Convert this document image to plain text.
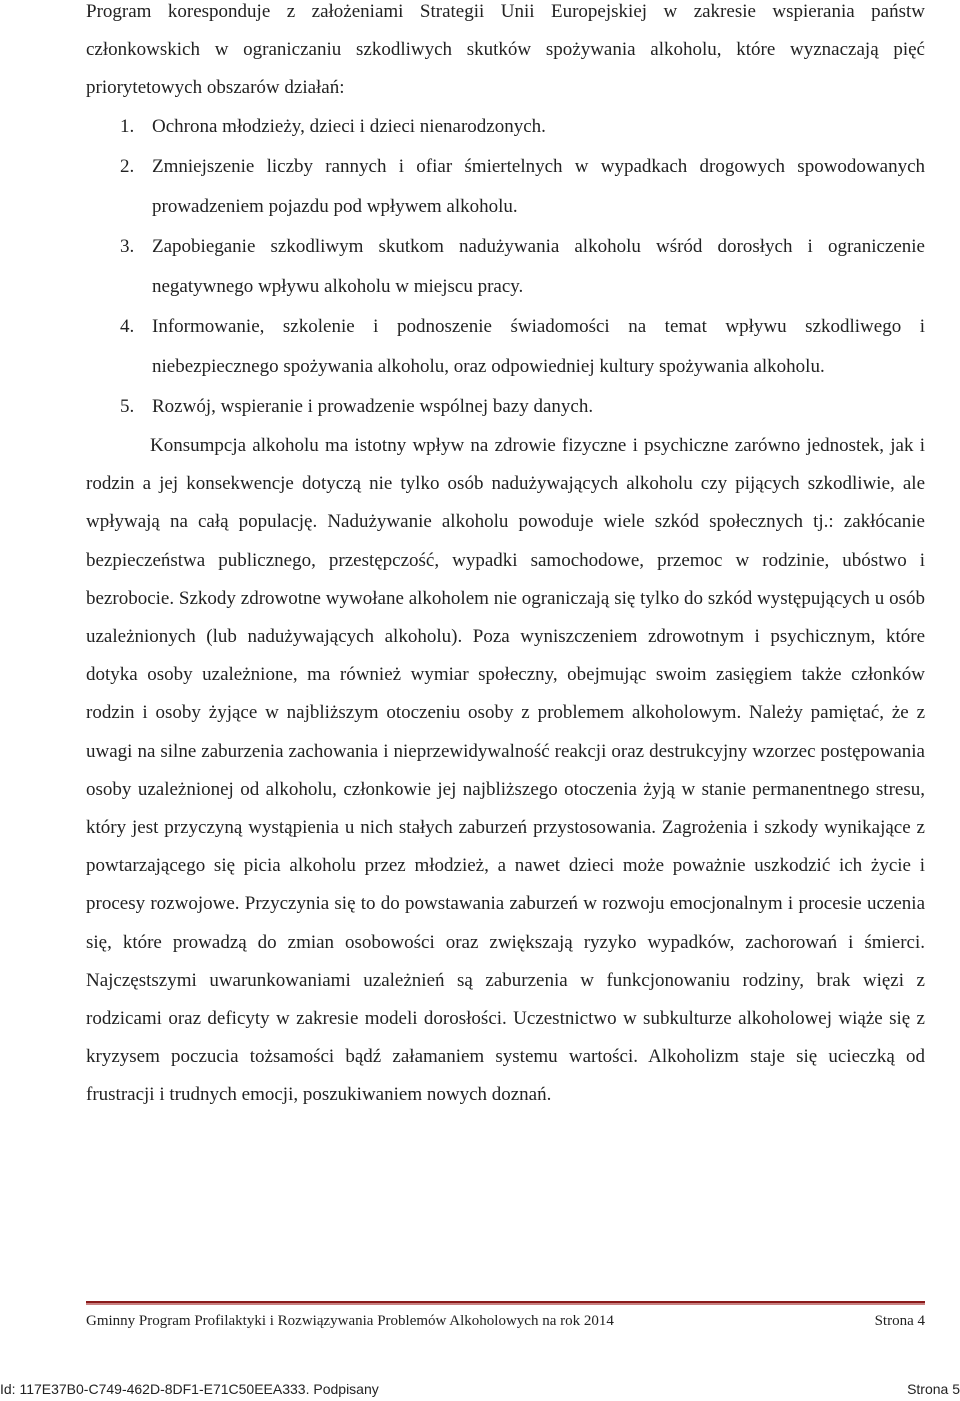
Program koresponduje z założeniami Strategii Unii Europejskiej w zakresie wspierania państw członkowskich w ograniczaniu szkodliwych skutków spożywania alkoholu, które wyznaczają pięć priorytetowych obszarów działań:

1. Ochrona młodzieży, dzieci i dzieci nienarodzonych.
2. Zmniejszenie liczby rannych i ofiar śmiertelnych w wypadkach drogowych spowodowanych prowadzeniem pojazdu pod wpływem alkoholu.
3. Zapobieganie szkodliwym skutkom nadużywania alkoholu wśród dorosłych i ograniczenie negatywnego wpływu alkoholu w miejscu pracy.
4. Informowanie, szkolenie i podnoszenie świadomości na temat wpływu szkodliwego i niebezpiecznego spożywania alkoholu, oraz odpowiedniej kultury spożywania alkoholu.
5. Rozwój, wspieranie i prowadzenie wspólnej bazy danych.

Konsumpcja alkoholu ma istotny wpływ na zdrowie fizyczne i psychiczne zarówno jednostek, jak i rodzin a jej konsekwencje dotyczą nie tylko osób nadużywających alkoholu czy pijących szkodliwie, ale wpływają na całą populację. Nadużywanie alkoholu powoduje wiele szkód społecznych tj.: zakłócanie bezpieczeństwa publicznego, przestępczość, wypadki samochodowe, przemoc w rodzinie, ubóstwo i bezrobocie. Szkody zdrowotne wywołane alkoholem nie ograniczają się tylko do szkód występujących u osób uzależnionych (lub nadużywających alkoholu). Poza wyniszczeniem zdrowotnym i psychicznym, które dotyka osoby uzależnione, ma również wymiar społeczny, obejmując swoim zasięgiem także członków rodzin i osoby żyjące w najbliższym otoczeniu osoby z problemem alkoholowym. Należy pamiętać, że z uwagi na silne zaburzenia zachowania i nieprzewidywalność reakcji oraz destrukcyjny wzorzec postępowania osoby uzależnionej od alkoholu, członkowie jej najbliższego otoczenia żyją w stanie permanentnego stresu, który jest przyczyną wystąpienia u nich stałych zaburzeń przystosowania. Zagrożenia i szkody wynikające z powtarzającego się picia alkoholu przez młodzież, a nawet dzieci może poważnie uszkodzić ich życie i procesy rozwojowe. Przyczynia się to do powstawania zaburzeń w rozwoju emocjonalnym i procesie uczenia się, które prowadzą do zmian osobowości oraz zwiększają ryzyko wypadków, zachorowań i śmierci. Najczęstszymi uwarunkowaniami uzależnień są zaburzenia w funkcjonowaniu rodziny, brak więzi z rodzicami oraz deficyty w zakresie modeli dorosłości. Uczestnictwo w subkulturze alkoholowej wiąże się z kryzysem poczucia tożsamości bądź załamaniem systemu wartości. Alkoholizm staje się ucieczką od frustracji i trudnych emocji, poszukiwaniem nowych doznań.

Gminny Program Profilaktyki i Rozwiązywania Problemów Alkoholowych na rok 2014	Strona 4
Id: 117E37B0-C749-462D-8DF1-E71C50EEA333. Podpisany	Strona 5
